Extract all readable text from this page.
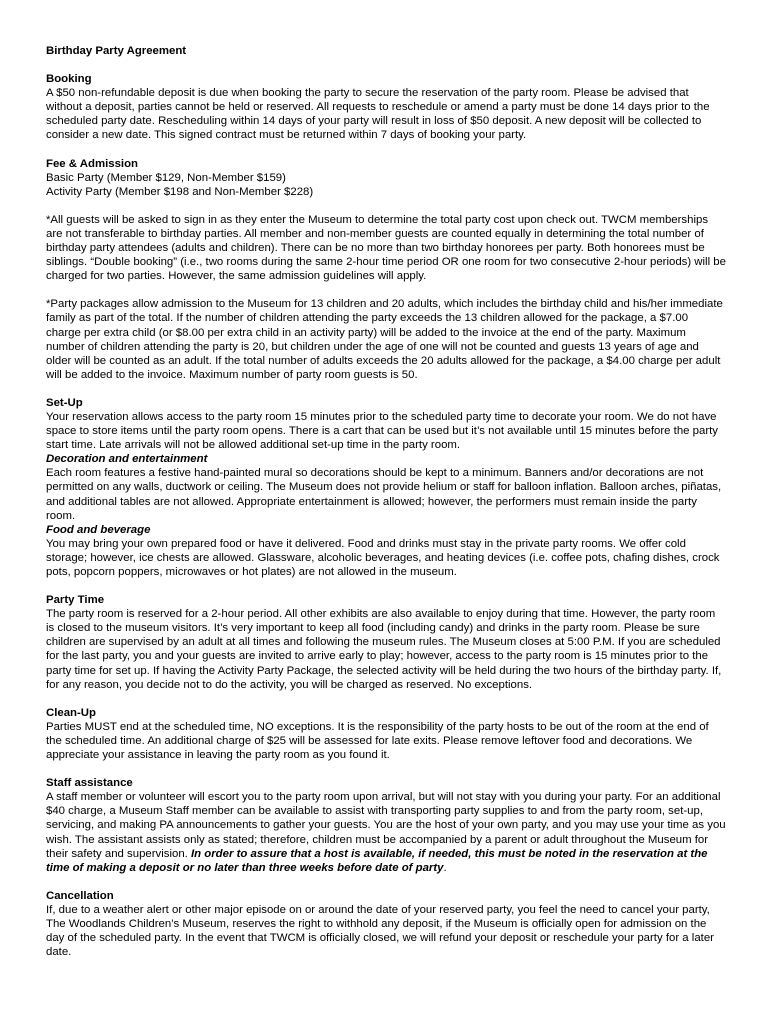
Birthday Party Agreement
Booking

A $50 non-refundable deposit is due when booking the party to secure the reservation of the party room. Please be advised that without a deposit, parties cannot be held or reserved. All requests to reschedule or amend a party must be done 14 days prior to the scheduled party date. Rescheduling within 14 days of your party will result in loss of $50 deposit. A new deposit will be collected to consider a new date. This signed contract must be returned within 7 days of booking your party.

Fee & Admission

Basic Party (Member $129, Non-Member $159)

Activity Party (Member $198 and Non-Member $228)

*All guests will be asked to sign in as they enter the Museum to determine the total party cost upon check out. TWCM memberships are not transferable to birthday parties. All member and non-member guests are counted equally in determining the total number of birthday party attendees (adults and children). There can be no more than two birthday honorees per party. Both honorees must be siblings. “Double booking” (i.e., two rooms during the same 2-hour time period OR one room for two consecutive 2-hour periods) will be charged for two parties. However, the same admission guidelines will apply.

*Party packages allow admission to the Museum for 13 children and 20 adults, which includes the birthday child and his/her immediate family as part of the total. If the number of children attending the party exceeds the 13 children allowed for the package, a $7.00 charge per extra child (or $8.00 per extra child in an activity party) will be added to the invoice at the end of the party. Maximum number of children attending the party is 20, but children under the age of one will not be counted and guests 13 years of age and older will be counted as an adult. If the total number of adults exceeds the 20 adults allowed for the package, a $4.00 charge per adult will be added to the invoice. Maximum number of party room guests is 50.

Set-Up

Your reservation allows access to the party room 15 minutes prior to the scheduled party time to decorate your room. We do not have space to store items until the party room opens. There is a cart that can be used but it’s not available until 15 minutes before the party start time. Late arrivals will not be allowed additional set-up time in the party room.

Decoration and entertainment

Each room features a festive hand-painted mural so decorations should be kept to a minimum. Banners and/or decorations are not permitted on any walls, ductwork or ceiling. The Museum does not provide helium or staff for balloon inflation. Balloon arches, piñatas, and additional tables are not allowed. Appropriate entertainment is allowed; however, the performers must remain inside the party room.

Food and beverage

You may bring your own prepared food or have it delivered. Food and drinks must stay in the private party rooms. We offer cold storage; however, ice chests are allowed. Glassware, alcoholic beverages, and heating devices (i.e. coffee pots, chafing dishes, crock pots, popcorn poppers, microwaves or hot plates) are not allowed in the museum.

Party Time

The party room is reserved for a 2-hour period. All other exhibits are also available to enjoy during that time. However, the party room is closed to the museum visitors. It’s very important to keep all food (including candy) and drinks in the party room. Please be sure children are supervised by an adult at all times and following the museum rules. The Museum closes at 5:00 P.M. If you are scheduled for the last party, you and your guests are invited to arrive early to play; however, access to the party room is 15 minutes prior to the party time for set up. If having the Activity Party Package, the selected activity will be held during the two hours of the birthday party. If, for any reason, you decide not to do the activity, you will be charged as reserved. No exceptions.

Clean-Up

Parties MUST end at the scheduled time, NO exceptions. It is the responsibility of the party hosts to be out of the room at the end of the scheduled time. An additional charge of $25 will be assessed for late exits. Please remove leftover food and decorations. We appreciate your assistance in leaving the party room as you found it.

Staff assistance

A staff member or volunteer will escort you to the party room upon arrival, but will not stay with you during your party. For an additional $40 charge, a Museum Staff member can be available to assist with transporting party supplies to and from the party room, set-up, servicing, and making PA announcements to gather your guests. You are the host of your own party, and you may use your time as you wish. The assistant assists only as stated; therefore, children must be accompanied by a parent or adult throughout the Museum for their safety and supervision. In order to assure that a host is available, if needed, this must be noted in the reservation at the time of making a deposit or no later than three weeks before date of party.

Cancellation

If, due to a weather alert or other major episode on or around the date of your reserved party, you feel the need to cancel your party, The Woodlands Children’s Museum, reserves the right to withhold any deposit, if the Museum is officially open for admission on the day of the scheduled party. In the event that TWCM is officially closed, we will refund your deposit or reschedule your party for a later date.
